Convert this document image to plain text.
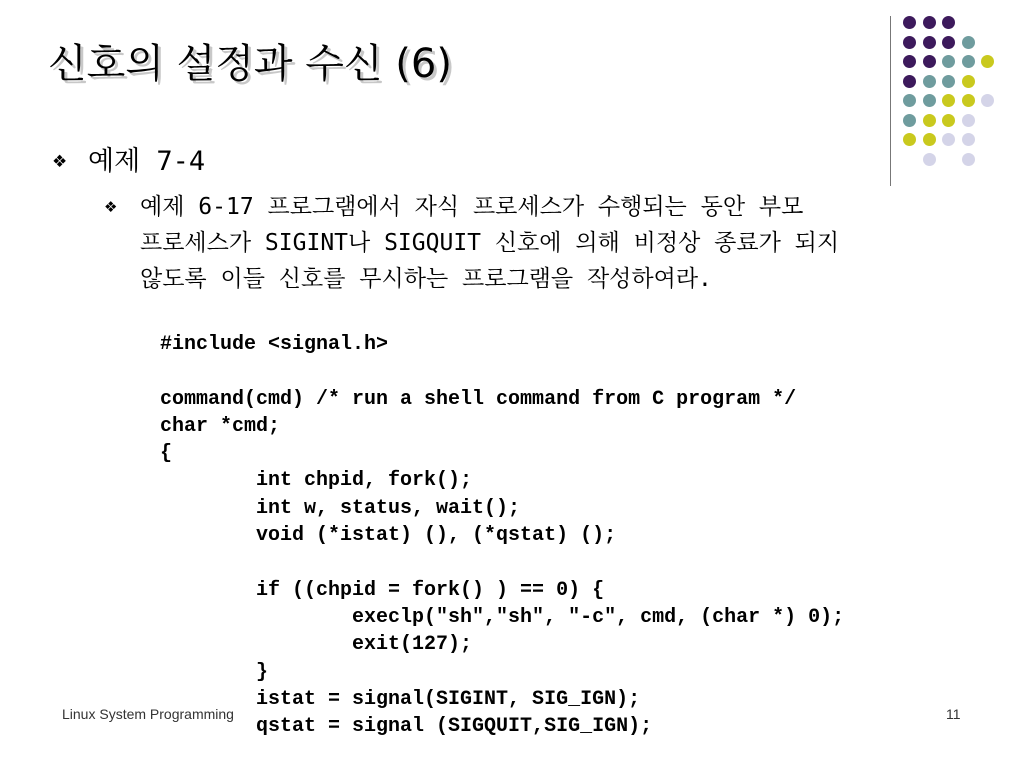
신호의 설정과 수신 (6)
❖ 예제 7-4
❖ 예제 6-17 프로그램에서 자식 프로세스가 수행되는 동안 부모
프로세스가 SIGINT나 SIGQUIT 신호에 의해 비정상 종료가 되지
않도록 이들 신호를 무시하는 프로그램을 작성하여라.
#include <signal.h>
command(cmd) /* run a shell command from C program */
char *cmd;
{
int chpid, fork();
int w, status, wait();
void (*istat) (), (*qstat) ();
if ((chpid = fork() ) == 0) {
execlp("sh","sh", "-c", cmd, (char *) 0);
exit(127);
}
istat = signal(SIGINT, SIG_IGN);
qstat = signal (SIGQUIT,SIG_IGN);
Linux System Programming	11
